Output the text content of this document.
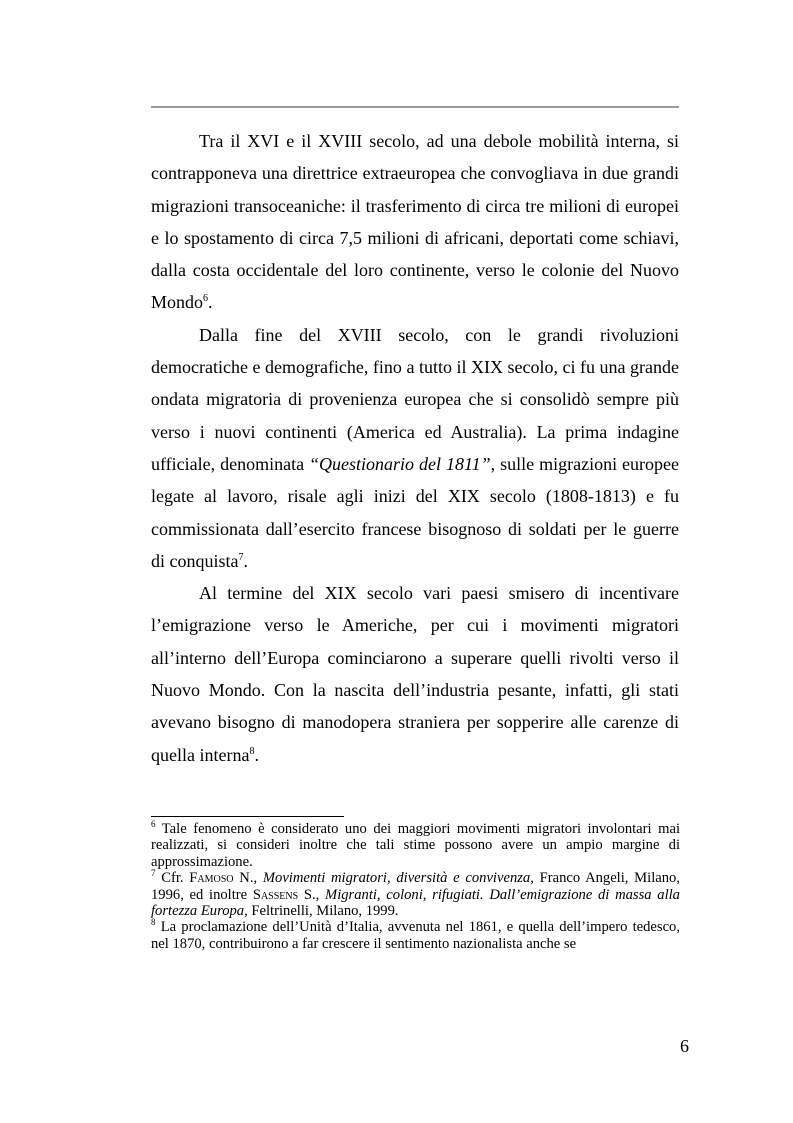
Tra il XVI e il XVIII secolo, ad una debole mobilità interna, si contrapponeva una direttrice extraeuropea che convogliava in due grandi migrazioni transoceaniche: il trasferimento di circa tre milioni di europei e lo spostamento di circa 7,5 milioni di africani, deportati come schiavi, dalla costa occidentale del loro continente, verso le colonie del Nuovo Mondo$^6$.

Dalla fine del XVIII secolo, con le grandi rivoluzioni democratiche e demografiche, fino a tutto il XIX secolo, ci fu una grande ondata migratoria di provenienza europea che si consolidò sempre più verso i nuovi continenti (America ed Australia). La prima indagine ufficiale, denominata “Questionario del 1811”, sulle migrazioni europee legate al lavoro, risale agli inizi del XIX secolo (1808-1813) e fu commissionata dall’esercito francese bisognoso di soldati per le guerre di conquista$^7$.

Al termine del XIX secolo vari paesi smisero di incentivare l’emigrazione verso le Americhe, per cui i movimenti migratori all’interno dell’Europa cominciarono a superare quelli rivolti verso il Nuovo Mondo. Con la nascita dell’industria pesante, infatti, gli stati avevano bisogno di manodopera straniera per sopperire alle carenze di quella interna$^8$.

$^6$ Tale fenomeno è considerato uno dei maggiori movimenti migratori involontari mai realizzati, si consideri inoltre che tali stime possono avere un ampio margine di approssimazione.

$^7$ Cfr. Famoso N., Movimenti migratori, diversità e convivenza, Franco Angeli, Milano, 1996, ed inoltre Sassens S., Migranti, coloni, rifugiati. Dall’emigrazione di massa alla fortezza Europa, Feltrinelli, Milano, 1999.

$^8$ La proclamazione dell’Unità d’Italia, avvenuta nel 1861, e quella dell’impero tedesco, nel 1870, contribuirono a far crescere il sentimento nazionalista anche se

6
